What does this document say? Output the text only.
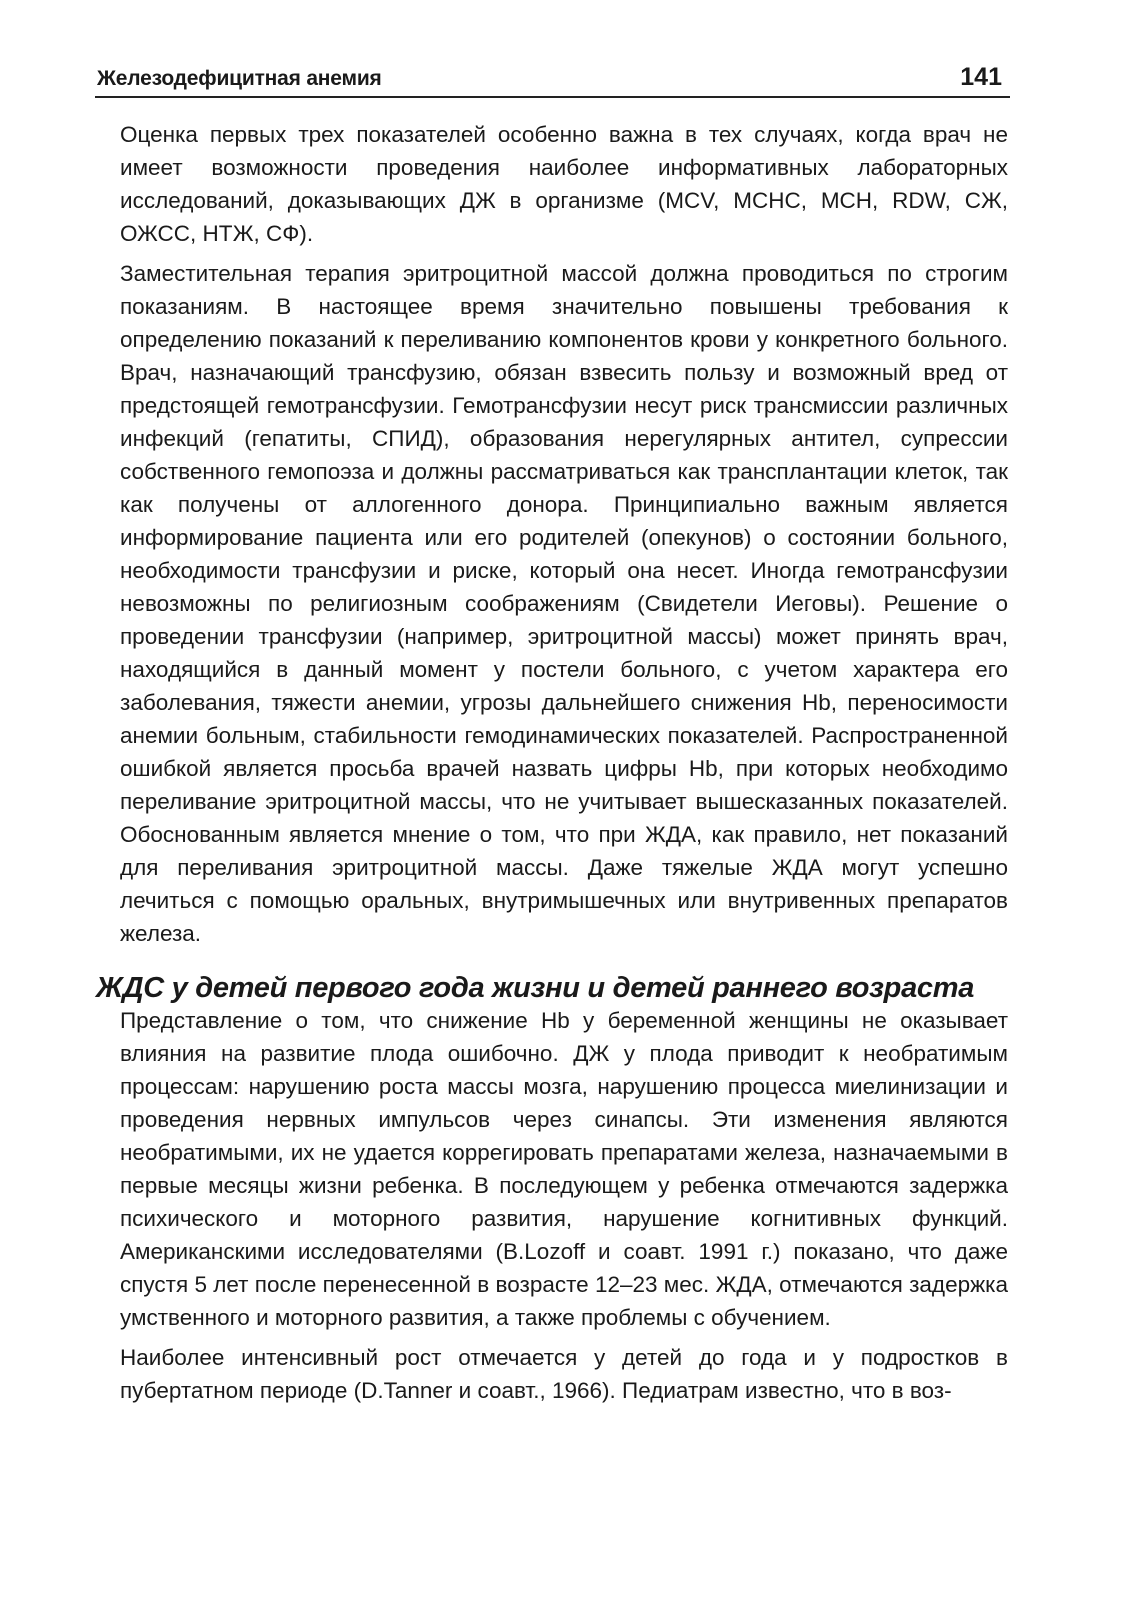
Железодефицитная анемия	141

Оценка первых трех показателей особенно важна в тех случаях, когда врач не имеет возможности проведения наиболее информативных лабораторных исследований, доказывающих ДЖ в организме (MCV, МСНС, МСН, RDW, СЖ, ОЖСС, НТЖ, СФ).

Заместительная терапия эритроцитной массой должна проводиться по строгим показаниям. В настоящее время значительно повышены требования к определению показаний к переливанию компонентов крови у конкретного больного. Врач, назначающий трансфузию, обязан взвесить пользу и возможный вред от предстоящей гемотрансфузии. Гемотрансфузии несут риск трансмиссии различных инфекций (гепатиты, СПИД), образования нерегулярных антител, супрессии собственного гемопоэза и должны рассматриваться как трансплантации клеток, так как получены от аллогенного донора. Принципиально важным является информирование пациента или его родителей (опекунов) о состоянии больного, необходимости трансфузии и риске, который она несет. Иногда гемотрансфузии невозможны по религиозным соображениям (Свидетели Иеговы). Решение о проведении трансфузии (например, эритроцитной массы) может принять врач, находящийся в данный момент у постели больного, с учетом характера его заболевания, тяжести анемии, угрозы дальнейшего снижения Hb, переносимости анемии больным, стабильности гемодинамических показателей. Распространенной ошибкой является просьба врачей назвать цифры Hb, при которых необходимо переливание эритроцитной массы, что не учитывает вышесказанных показателей. Обоснованным является мнение о том, что при ЖДА, как правило, нет показаний для переливания эритроцитной массы. Даже тяжелые ЖДА могут успешно лечиться с помощью оральных, внутримышечных или внутривенных препаратов железа.

ЖДС у детей первого года жизни и детей раннего возраста

Представление о том, что снижение Hb у беременной женщины не оказывает влияния на развитие плода ошибочно. ДЖ у плода приводит к необратимым процессам: нарушению роста массы мозга, нарушению процесса миелинизации и проведения нервных импульсов через синапсы. Эти изменения являются необратимыми, их не удается коррегировать препаратами железа, назначаемыми в первые месяцы жизни ребенка. В последующем у ребенка отмечаются задержка психического и моторного развития, нарушение когнитивных функций. Американскими исследователями (B.Lozoff и соавт. 1991 г.) показано, что даже спустя 5 лет после перенесенной в возрасте 12–23 мес. ЖДА, отмечаются задержка умственного и моторного развития, а также проблемы с обучением.

Наиболее интенсивный рост отмечается у детей до года и у подростков в пубертатном периоде (D.Tanner и соавт., 1966). Педиатрам известно, что в воз-
